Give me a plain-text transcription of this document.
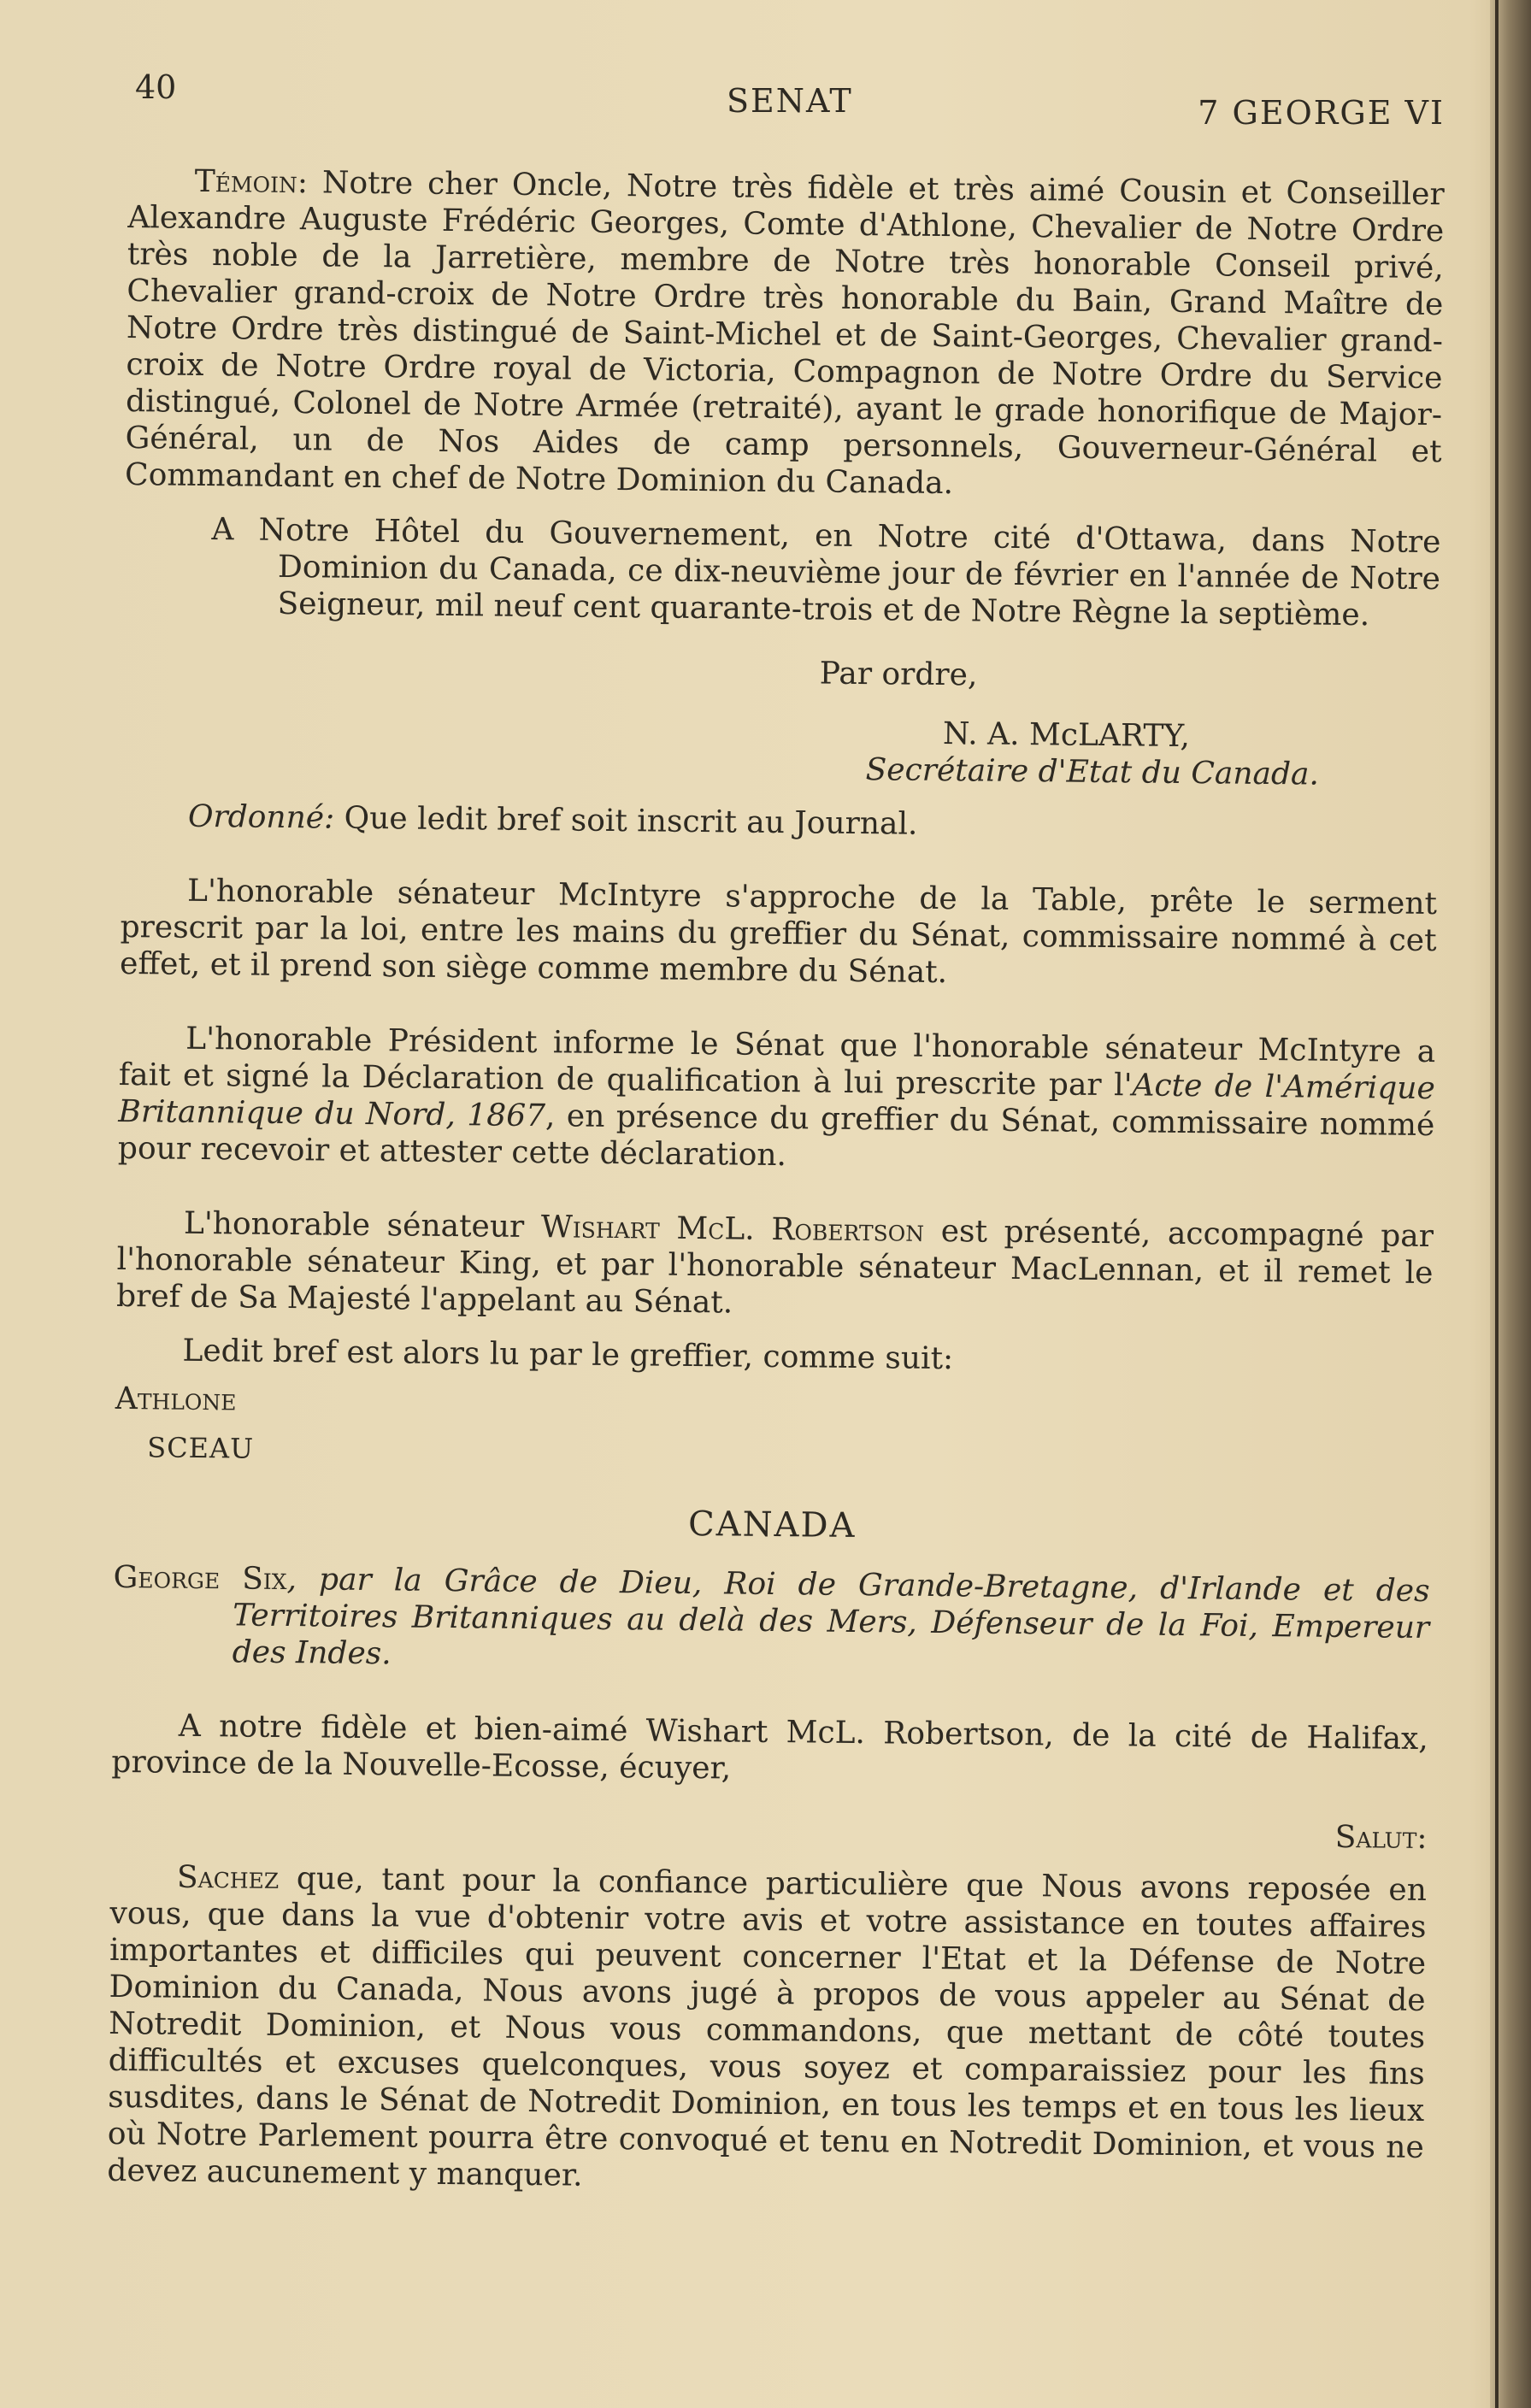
40	SENAT	7 GEORGE VI

Témoin: Notre cher Oncle, Notre très fidèle et très aimé Cousin et Conseiller Alexandre Auguste Frédéric Georges, Comte d'Athlone, Chevalier de Notre Ordre très noble de la Jarretière, membre de Notre très honorable Conseil privé, Chevalier grand-croix de Notre Ordre très honorable du Bain, Grand Maître de Notre Ordre très distingué de Saint-Michel et de Saint-Georges, Chevalier grand-croix de Notre Ordre royal de Victoria, Compagnon de Notre Ordre du Service distingué, Colonel de Notre Armée (retraité), ayant le grade honorifique de Major-Général, un de Nos Aides de camp personnels, Gouverneur-Général et Commandant en chef de Notre Dominion du Canada.

A Notre Hôtel du Gouvernement, en Notre cité d'Ottawa, dans Notre Dominion du Canada, ce dix-neuvième jour de février en l'année de Notre Seigneur, mil neuf cent quarante-trois et de Notre Règne la septième.

Par ordre,
N. A. McLARTY,
Secrétaire d'Etat du Canada.

Ordonné: Que ledit bref soit inscrit au Journal.

L'honorable sénateur McIntyre s'approche de la Table, prête le serment prescrit par la loi, entre les mains du greffier du Sénat, commissaire nommé à cet effet, et il prend son siège comme membre du Sénat.

L'honorable Président informe le Sénat que l'honorable sénateur McIntyre a fait et signé la Déclaration de qualification à lui prescrite par l'Acte de l'Amérique Britannique du Nord, 1867, en présence du greffier du Sénat, commissaire nommé pour recevoir et attester cette déclaration.

L'honorable sénateur Wishart McL. Robertson est présenté, accompagné par l'honorable sénateur King, et par l'honorable sénateur MacLennan, et il remet le bref de Sa Majesté l'appelant au Sénat.

Ledit bref est alors lu par le greffier, comme suit:

Athlone
SCEAU
CANADA

George Six, par la Grâce de Dieu, Roi de Grande-Bretagne, d'Irlande et des Territoires Britanniques au delà des Mers, Défenseur de la Foi, Empereur des Indes.

A notre fidèle et bien-aimé Wishart McL. Robertson, de la cité de Halifax, province de la Nouvelle-Ecosse, écuyer,

Salut:

Sachez que, tant pour la confiance particulière que Nous avons reposée en vous, que dans la vue d'obtenir votre avis et votre assistance en toutes affaires importantes et difficiles qui peuvent concerner l'Etat et la Défense de Notre Dominion du Canada, Nous avons jugé à propos de vous appeler au Sénat de Notredit Dominion, et Nous vous commandons, que mettant de côté toutes difficultés et excuses quelconques, vous soyez et comparaissiez pour les fins susdites, dans le Sénat de Notredit Dominion, en tous les temps et en tous les lieux où Notre Parlement pourra être convoqué et tenu en Notredit Dominion, et vous ne devez aucunement y manquer.
